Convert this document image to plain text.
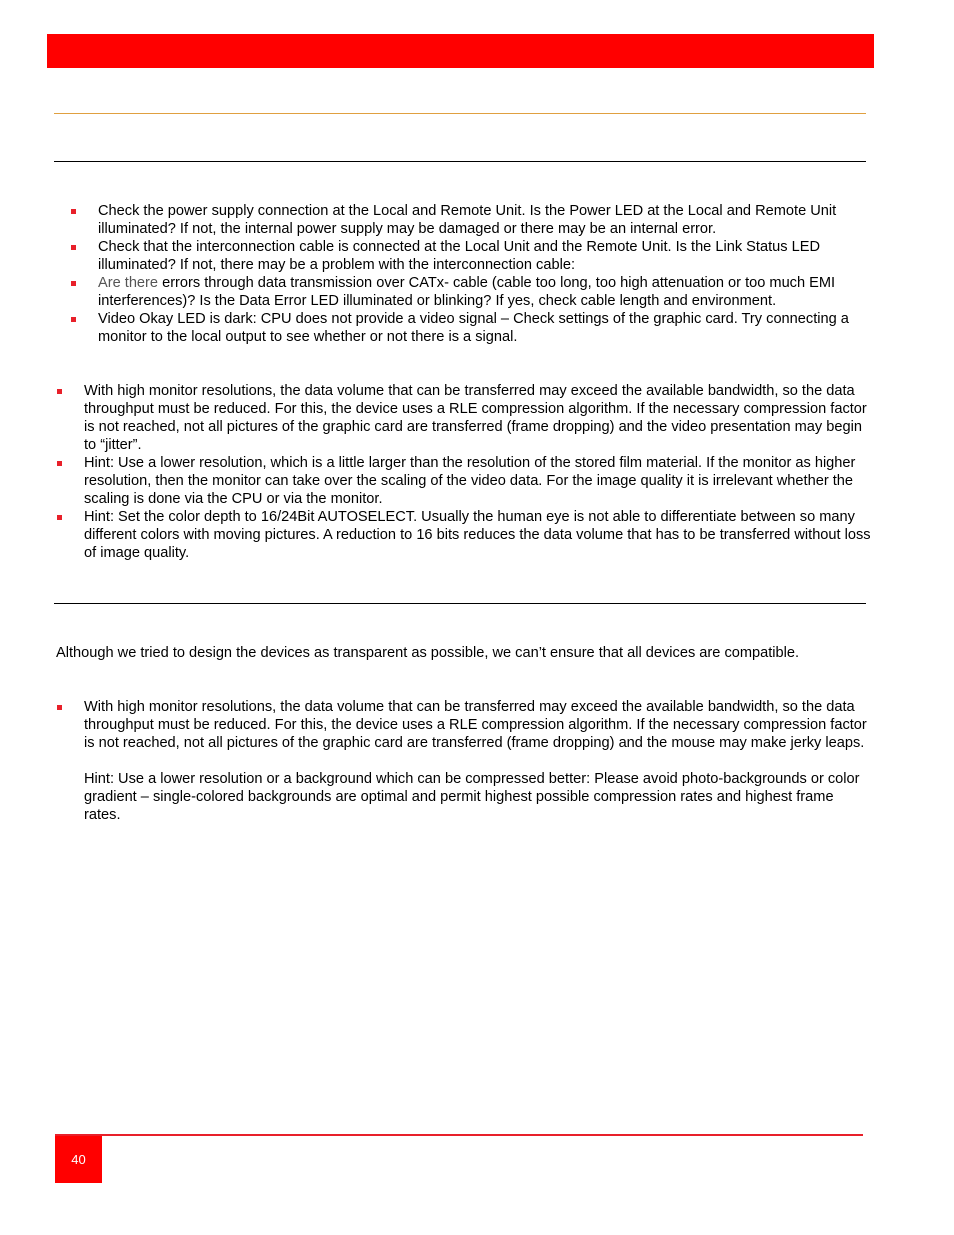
Check the power supply connection at the Local and Remote Unit. Is the Power LED at the Local and Remote Unit illuminated? If not, the internal power supply may be damaged or there may be an internal error.
Check that the interconnection cable is connected at the Local Unit and the Remote Unit. Is the Link Status LED illuminated? If not, there may be a problem with the interconnection cable:
Are there errors through data transmission over CATx- cable (cable too long, too high attenuation or too much EMI interferences)? Is the Data Error LED illuminated or blinking? If yes, check cable length and environment.
Video Okay LED is dark: CPU does not provide a video signal – Check settings of the graphic card. Try connecting a monitor to the local output to see whether or not there is a signal.
With high monitor resolutions, the data volume that can be transferred may exceed the available bandwidth, so the data throughput must be reduced. For this, the device uses a RLE compression algorithm. If the necessary compression factor is not reached, not all pictures of the graphic card are transferred (frame dropping) and the video presentation may begin to “jitter”.
Hint: Use a lower resolution, which is a little larger than the resolution of the stored film material. If the monitor as higher resolution, then the monitor can take over the scaling of the video data. For the image quality it is irrelevant whether the scaling is done via the CPU or via the monitor.
Hint: Set the color depth to 16/24Bit AUTOSELECT. Usually the human eye is not able to differentiate between so many different colors with moving pictures. A reduction to 16 bits reduces the data volume that has to be transferred without loss of image quality.

Although we tried to design the devices as transparent as possible, we can’t ensure that all devices are compatible.

With high monitor resolutions, the data volume that can be transferred may exceed the available bandwidth, so the data throughput must be reduced. For this, the device uses a RLE compression algorithm. If the necessary compression factor is not reached, not all pictures of the graphic card are transferred (frame dropping) and the mouse may make jerky leaps.
Hint: Use a lower resolution or a background which can be compressed better: Please avoid photo-backgrounds or color gradient – single-colored backgrounds are optimal and permit highest possible compression rates and highest frame rates.
40
